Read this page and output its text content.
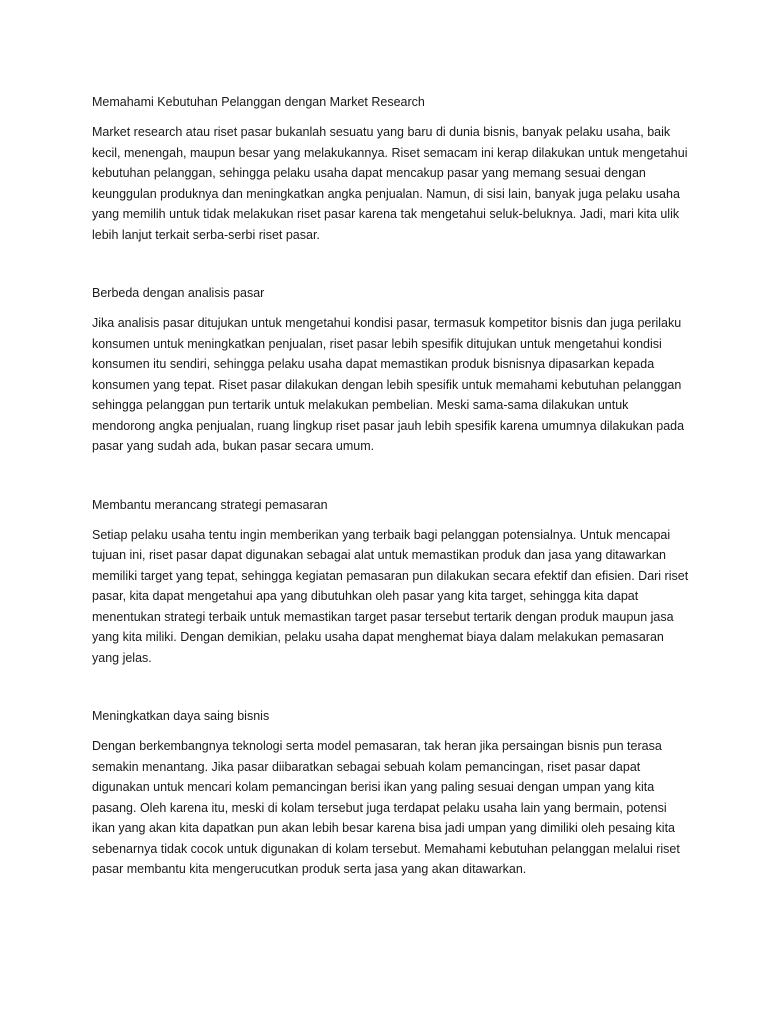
Memahami Kebutuhan Pelanggan dengan Market Research

Market research atau riset pasar bukanlah sesuatu yang baru di dunia bisnis, banyak pelaku usaha, baik kecil, menengah, maupun besar yang melakukannya. Riset semacam ini kerap dilakukan untuk mengetahui kebutuhan pelanggan, sehingga pelaku usaha dapat mencakup pasar yang memang sesuai dengan keunggulan produknya dan meningkatkan angka penjualan. Namun, di sisi lain, banyak juga pelaku usaha yang memilih untuk tidak melakukan riset pasar karena tak mengetahui seluk-beluknya. Jadi, mari kita ulik lebih lanjut terkait serba-serbi riset pasar.

Berbeda dengan analisis pasar

Jika analisis pasar ditujukan untuk mengetahui kondisi pasar, termasuk kompetitor bisnis dan juga perilaku konsumen untuk meningkatkan penjualan, riset pasar lebih spesifik ditujukan untuk mengetahui kondisi konsumen itu sendiri, sehingga pelaku usaha dapat memastikan produk bisnisnya dipasarkan kepada konsumen yang tepat. Riset pasar dilakukan dengan lebih spesifik untuk memahami kebutuhan pelanggan sehingga pelanggan pun tertarik untuk melakukan pembelian. Meski sama-sama dilakukan untuk mendorong angka penjualan, ruang lingkup riset pasar jauh lebih spesifik karena umumnya dilakukan pada pasar yang sudah ada, bukan pasar secara umum.

Membantu merancang strategi pemasaran

Setiap pelaku usaha tentu ingin memberikan yang terbaik bagi pelanggan potensialnya. Untuk mencapai tujuan ini, riset pasar dapat digunakan sebagai alat untuk memastikan produk dan jasa yang ditawarkan memiliki target yang tepat, sehingga kegiatan pemasaran pun dilakukan secara efektif dan efisien. Dari riset pasar, kita dapat mengetahui apa yang dibutuhkan oleh pasar yang kita target, sehingga kita dapat menentukan strategi terbaik untuk memastikan target pasar tersebut tertarik dengan produk maupun jasa yang kita miliki. Dengan demikian, pelaku usaha dapat menghemat biaya dalam melakukan pemasaran yang jelas.

Meningkatkan daya saing bisnis

Dengan berkembangnya teknologi serta model pemasaran, tak heran jika persaingan bisnis pun terasa semakin menantang. Jika pasar diibaratkan sebagai sebuah kolam pemancingan, riset pasar dapat digunakan untuk mencari kolam pemancingan berisi ikan yang paling sesuai dengan umpan yang kita pasang. Oleh karena itu, meski di kolam tersebut juga terdapat pelaku usaha lain yang bermain, potensi ikan yang akan kita dapatkan pun akan lebih besar karena bisa jadi umpan yang dimiliki oleh pesaing kita sebenarnya tidak cocok untuk digunakan di kolam tersebut. Memahami kebutuhan pelanggan melalui riset pasar membantu kita mengerucutkan produk serta jasa yang akan ditawarkan.
